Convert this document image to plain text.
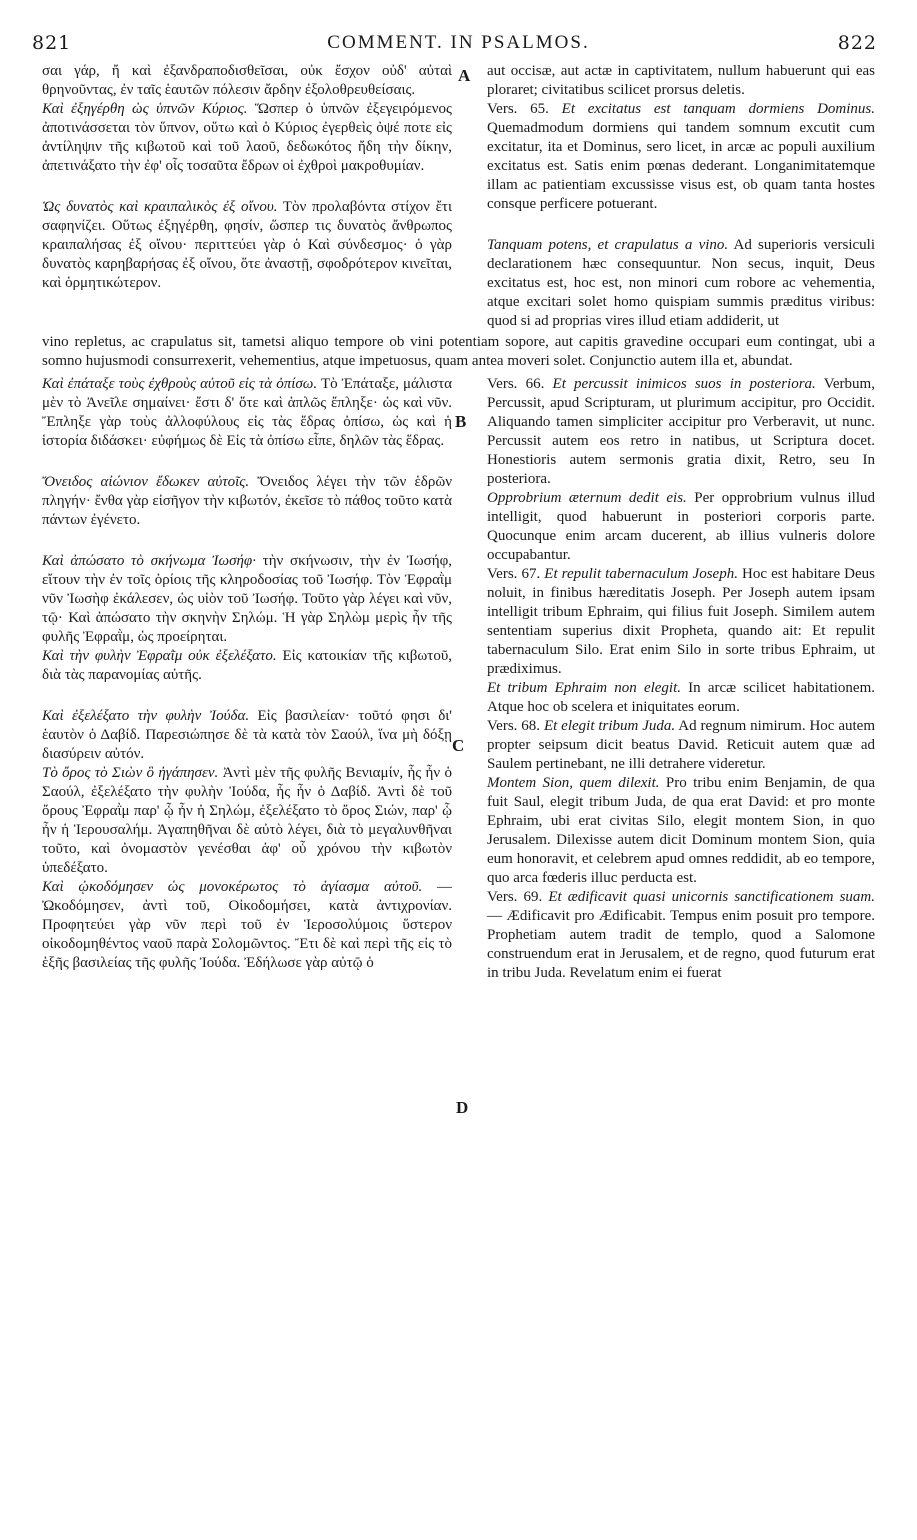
821	COMMENT. IN PSALMOS.	822

σαι γάρ, ἤ καὶ ἐξανδραποδισθεῖσαι, οὐκ ἔσχον οὐδ' αὐταὶ θρηνοῦντας, ἐν ταῖς ἑαυτῶν πόλεσιν ἄρδην ἐξολοθρευθείσαις.

Καὶ ἐξηγέρθη ὡς ὑπνῶν Κύριος. Ὥσπερ ὁ ὑπνῶν ἐξεγειρόμενος ἀποτινάσσεται τὸν ὕπνον, οὕτω καὶ ὁ Κύριος ἐγερθεὶς ὀψέ ποτε εἰς ἀντίληψιν τῆς κιβωτοῦ καὶ τοῦ λαοῦ, δεδωκότος ἤδη τὴν δίκην, ἀπετινάξατο τὴν ἐφ' οἷς τοσαῦτα ἔδρων οἱ ἐχθροὶ μακροθυμίαν.

Ὡς δυνατὸς καὶ κραιπαλικὸς ἐξ οἴνου. Τὸν προλαβόντα στίχον ἔτι σαφηνίζει. Οὕτως ἐξηγέρθη, φησίν, ὥσπερ τις δυνατὸς ἄνθρωπος κραιπαλήσας ἐξ οἴνου· περιττεύει γὰρ ὁ Καὶ σύνδεσμος· ὁ γὰρ δυνατὸς καρηβαρήσας ἐξ οἴνου, ὅτε ἀναστῇ, σφοδρότερον κινεῖται, καὶ ὁρμητικώτερον.

aut occisæ, aut actæ in captivitatem, nullum habuerunt qui eas ploraret; civitatibus scilicet prorsus deletis.

Vers. 65. Et excitatus est tanquam dormiens Dominus. Quemadmodum dormiens qui tandem somnum excutit cum excitatur, ita et Dominus, sero licet, in arcæ ac populi auxilium excitatus est. Satis enim pœnas dederant. Longanimitatemque illam ac patientiam excussisse visus est, ob quam tanta hostes consque perficere potuerant.

Tanquam potens, et crapulatus a vino. Ad superioris versiculi declarationem hæc consequuntur. Non secus, inquit, Deus excitatus est, hoc est, non minori cum robore ac vehementia, atque excitari solet homo quispiam summis præditus viribus: quod si ad proprias vires illud etiam addiderit, ut

vino repletus, ac crapulatus sit, tametsi aliquo tempore ob vini potentiam sopore, aut capitis gravedine occupari eum contingat, ubi a somno hujusmodi consurrexerit, vehementius, atque impetuosus, quam antea moveri solet. Conjunctio autem illa et, abundat.

Καὶ ἐπάταξε τοὺς ἐχθροὺς αὐτοῦ εἰς τὰ ὀπίσω. Τὸ Ἐπάταξε, μάλιστα μὲν τὸ Ἀνεῖλε σημαίνει· ἔστι δ' ὅτε καὶ ἁπλῶς ἔπληξε· ὡς καὶ νῦν. Ἔπληξε γὰρ τοὺς ἀλλοφύλους εἰς τὰς ἕδρας ὀπίσω, ὡς καὶ ἡ ἱστορία διδάσκει· εὐφήμως δὲ Εἰς τὰ ὀπίσω εἶπε, δηλῶν τὰς ἕδρας.

Ὄνειδος αἰώνιον ἔδωκεν αὐτοῖς. Ὄνειδος λέγει τὴν τῶν ἑδρῶν πληγήν· ἔνθα γὰρ εἰσῆγον τὴν κιβωτόν, ἐκεῖσε τὸ πάθος τοῦτο κατὰ πάντων ἐγένετο.

Καὶ ἀπώσατο τὸ σκήνωμα Ἰωσήφ· τὴν σκήνωσιν, τὴν ἐν Ἰωσήφ, εἴτουν τὴν ἐν τοῖς ὁρίοις τῆς κληροδοσίας τοῦ Ἰωσήφ. Τὸν Ἐφραῒμ νῦν Ἰωσὴφ ἐκάλεσεν, ὡς υἱὸν τοῦ Ἰωσήφ. Τοῦτο γὰρ λέγει καὶ νῦν, τῷ· Καὶ ἀπώσατο τὴν σκηνὴν Σηλώμ. Ἡ γὰρ Σηλὼμ μερὶς ἦν τῆς φυλῆς Ἐφραῒμ, ὡς προείρηται.

Καὶ τὴν φυλὴν Ἐφραῒμ οὐκ ἐξελέξατο. Εἰς κατοικίαν τῆς κιβωτοῦ, διὰ τὰς παρανομίας αὐτῆς.

Καὶ ἐξελέξατο τὴν φυλὴν Ἰούδα. Εἰς βασιλείαν· τοῦτό φησι δι' ἑαυτὸν ὁ Δαβίδ. Παρεσιώπησε δὲ τὰ κατὰ τὸν Σαούλ, ἵνα μὴ δόξῃ διασύρειν αὐτόν.

Τὸ ὄρος τὸ Σιὼν ὃ ἠγάπησεν. Ἀντὶ μὲν τῆς φυλῆς Βενιαμίν, ἧς ἦν ὁ Σαούλ, ἐξελέξατο τὴν φυλὴν Ἰούδα, ἧς ἦν ὁ Δαβίδ. Ἀντὶ δὲ τοῦ ὄρους Ἐφραῒμ παρ' ᾧ ἦν ἡ Σηλώμ, ἐξελέξατο τὸ ὄρος Σιών, παρ' ᾧ ἦν ἡ Ἱερουσαλήμ. Ἀγαπηθῆναι δὲ αὐτὸ λέγει, διὰ τὸ μεγαλυνθῆναι τοῦτο, καὶ ὀνομαστὸν γενέσθαι ἀφ' οὗ χρόνου τὴν κιβωτὸν ὑπεδέξατο.

Καὶ ᾠκοδόμησεν ὡς μονοκέρωτος τὸ ἁγίασμα αὐτοῦ. — Ὠκοδόμησεν, ἀντὶ τοῦ, Οἰκοδομήσει, κατὰ ἀντιχρονίαν. Προφητεύει γὰρ νῦν περὶ τοῦ ἐν Ἱεροσολύμοις ὕστερον οἰκοδομηθέντος ναοῦ παρὰ Σολομῶντος. Ἔτι δὲ καὶ περὶ τῆς εἰς τὸ ἑξῆς βασιλείας τῆς φυλῆς Ἰούδα. Ἐδήλωσε γὰρ αὐτῷ ὁ

Vers. 66. Et percussit inimicos suos in posteriora. Verbum, Percussit, apud Scripturam, ut plurimum accipitur, pro Occidit. Aliquando tamen simpliciter accipitur pro Verberavit, ut nunc. Percussit autem eos retro in natibus, ut Scriptura docet. Honestioris autem sermonis gratia dixit, Retro, seu In posteriora.

Opprobrium æternum dedit eis. Per opprobrium vulnus illud intelligit, quod habuerunt in posteriori corporis parte. Quocunque enim arcam ducerent, ab illius vulneris dolore occupabantur.

Vers. 67. Et repulit tabernaculum Joseph. Hoc est habitare Deus noluit, in finibus hæreditatis Joseph. Per Joseph autem ipsam intelligit tribum Ephraim, qui filius fuit Joseph. Similem autem sententiam superius dixit Propheta, quando ait: Et repulit tabernaculum Silo. Erat enim Silo in sorte tribus Ephraim, ut prædiximus.

Et tribum Ephraim non elegit. In arcæ scilicet habitationem. Atque hoc ob scelera et iniquitates eorum.

Vers. 68. Et elegit tribum Juda. Ad regnum nimirum. Hoc autem propter seipsum dicit beatus David. Reticuit autem quæ ad Saulem pertinebant, ne illi detrahere videretur.

Montem Sion, quem dilexit. Pro tribu enim Benjamin, de qua fuit Saul, elegit tribum Juda, de qua erat David: et pro monte Ephraim, ubi erat civitas Silo, elegit montem Sion, in quo Jerusalem. Dilexisse autem dicit Dominum montem Sion, quia eum honoravit, et celebrem apud omnes reddidit, ab eo tempore, quo arca fœderis illuc perducta est.

Vers. 69. Et ædificavit quasi unicornis sanctificationem suam. — Ædificavit pro Ædificabit. Tempus enim posuit pro tempore. Prophetiam autem tradit de templo, quod a Salomone construendum erat in Jerusalem, et de regno, quod futurum erat in tribu Juda. Revelatum enim ei fuerat

A
B
C
D
